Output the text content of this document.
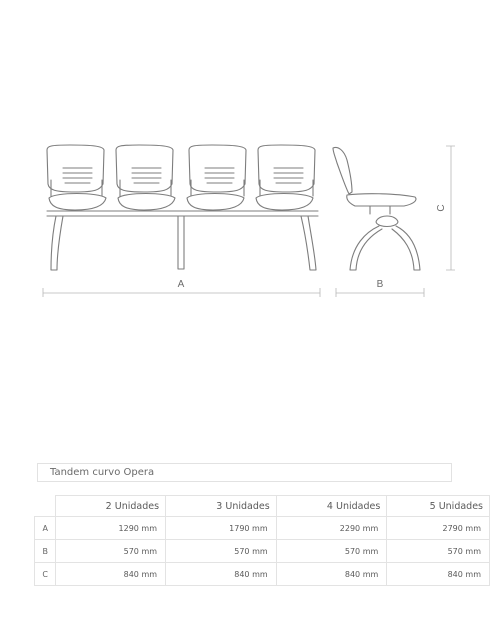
A	B
C
Tandem curvo Opera
	2 Unidades	3 Unidades	4 Unidades	5 Unidades
A	1290 mm	1790 mm	2290 mm	2790 mm
B	570 mm	570 mm	570 mm	570 mm
C	840 mm	840 mm	840 mm	840 mm
